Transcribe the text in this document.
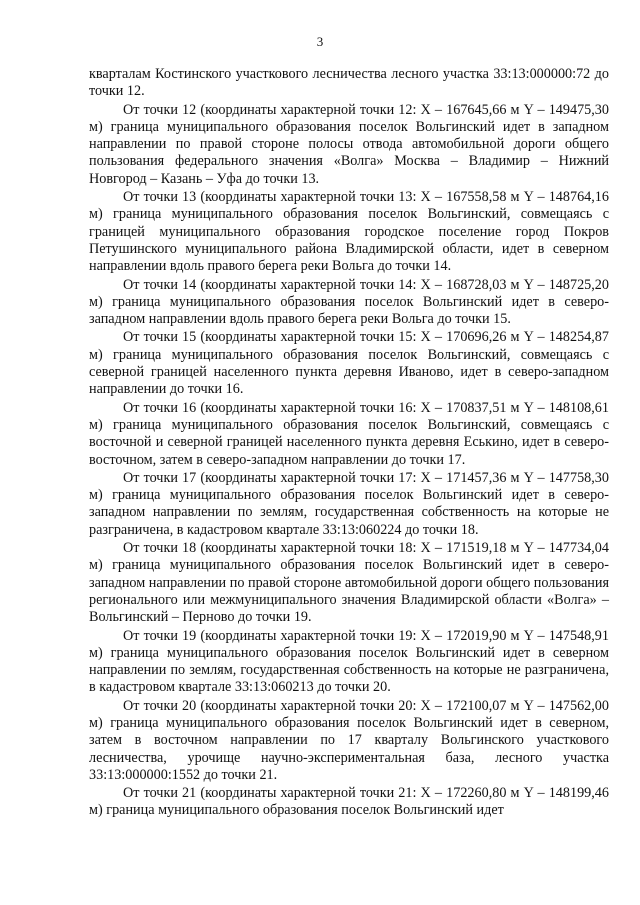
3

кварталам Костинского участкового лесничества лесного участка 33:13:000000:72 до точки 12.

От точки 12 (координаты характерной точки 12: X – 167645,66 м Y – 149475,30 м) граница муниципального образования поселок Вольгинский идет в западном направлении по правой стороне полосы отвода автомобильной дороги общего пользования федерального значения «Волга» Москва – Владимир – Нижний Новгород – Казань – Уфа до точки 13.

От точки 13 (координаты характерной точки 13: X – 167558,58 м Y – 148764,16 м) граница муниципального образования поселок Вольгинский, совмещаясь с границей муниципального образования городское поселение город Покров Петушинского муниципального района Владимирской области, идет в северном направлении вдоль правого берега реки Вольга до точки 14.

От точки 14 (координаты характерной точки 14: X – 168728,03 м Y – 148725,20 м) граница муниципального образования поселок Вольгинский идет в северо-западном направлении вдоль правого берега реки Вольга до точки 15.

От точки 15 (координаты характерной точки 15: X – 170696,26 м Y – 148254,87 м) граница муниципального образования поселок Вольгинский, совмещаясь с северной границей населенного пункта деревня Иваново, идет в северо-западном направлении до точки 16.

От точки 16 (координаты характерной точки 16: X – 170837,51 м Y – 148108,61 м) граница муниципального образования поселок Вольгинский, совмещаясь с восточной и северной границей населенного пункта деревня Еськино, идет в северо-восточном, затем в северо-западном направлении до точки 17.

От точки 17 (координаты характерной точки 17: X – 171457,36 м Y – 147758,30 м) граница муниципального образования поселок Вольгинский идет в северо-западном направлении по землям, государственная собственность на которые не разграничена, в кадастровом квартале 33:13:060224 до точки 18.

От точки 18 (координаты характерной точки 18: X – 171519,18 м Y – 147734,04 м) граница муниципального образования поселок Вольгинский идет в северо-западном направлении по правой стороне автомобильной дороги общего пользования регионального или межмуниципального значения Владимирской области «Волга» – Вольгинский – Перново до точки 19.

От точки 19 (координаты характерной точки 19: X – 172019,90 м Y – 147548,91 м) граница муниципального образования поселок Вольгинский идет в северном направлении по землям, государственная собственность на которые не разграничена, в кадастровом квартале 33:13:060213 до точки 20.

От точки 20 (координаты характерной точки 20: X – 172100,07 м Y – 147562,00 м) граница муниципального образования поселок Вольгинский идет в северном, затем в восточном направлении по 17 кварталу Вольгинского участкового лесничества, урочище научно-экспериментальная база, лесного участка 33:13:000000:1552 до точки 21.

От точки 21 (координаты характерной точки 21: X – 172260,80 м Y – 148199,46 м) граница муниципального образования поселок Вольгинский идет
